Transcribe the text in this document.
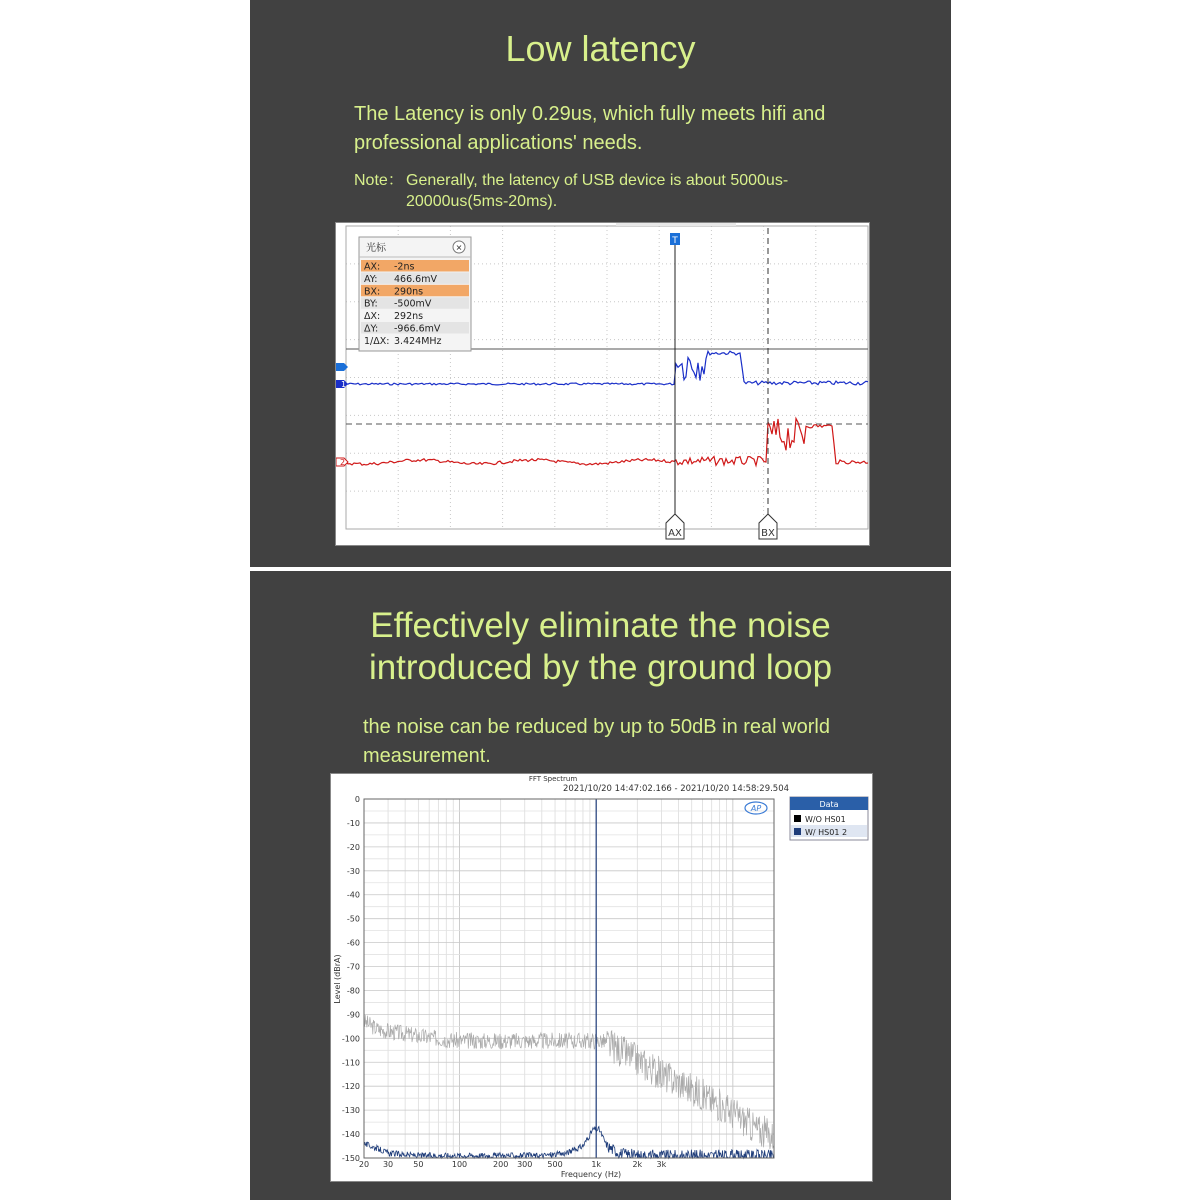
Low latency
The Latency is only 0.29us, which fully meets hifi and professional applications' needs.
Note： Generally, the latency of USB device is about 5000us-20000us(5ms-20ms).
T
1
2
AX	BX
光标	✕
AX: -2ns
AY: 466.6mV
BX: 290ns
BY: -500mV
ΔX: 292ns
ΔY: -966.6mV
1/ΔX: 3.424MHz
Effectively eliminate the noise
introduced by the ground loop
the noise can be reduced by up to 50dB in real world measurement.
FFT Spectrum
2021/10/20 14:47:02.166 - 2021/10/20 14:58:29.504
0
-10
-20
-30
-40
-50
-60
-70
-80
-90
-100
-110
-120
-130
-140
-150
20 30	50	100	200 300 500	1k	2k 3k
Frequency (Hz)
Level (dBrA)
AP	Data
W/O HS01
W/ HS01 2
